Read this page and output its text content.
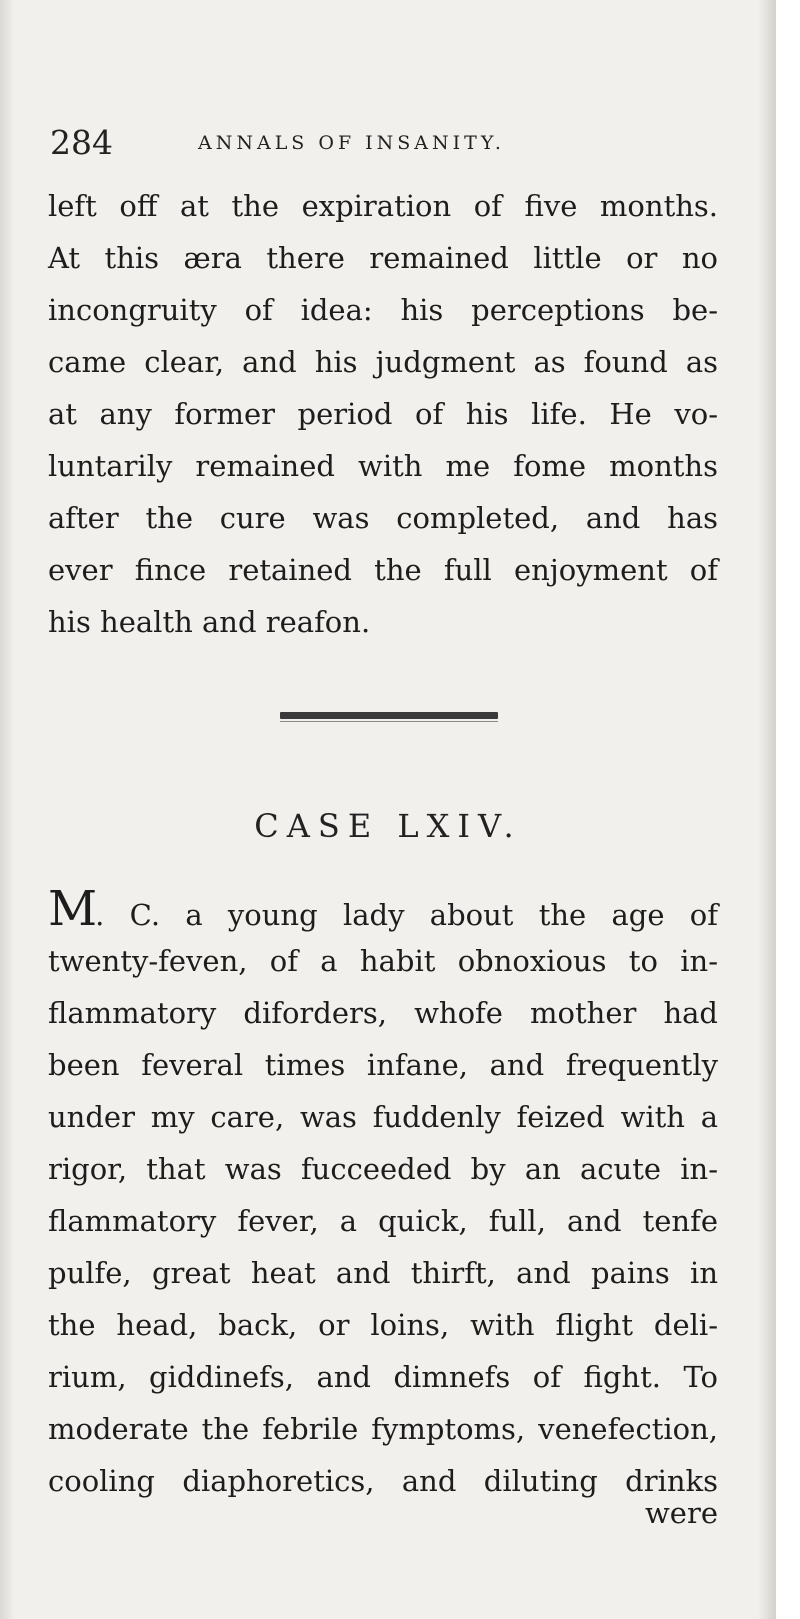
284	ANNALS OF INSANITY.
left off at the expiration of five months.
At this æra there remained little or no
incongruity of idea: his perceptions be-
came clear, and his judgment as found as
at any former period of his life. He vo-
luntarily remained with me fome months
after the cure was completed, and has
ever fince retained the full enjoyment of
his health and reafon.
CASE LXIV.
M. C. a young lady about the age of
twenty-feven, of a habit obnoxious to in-
flammatory diforders, whofe mother had
been feveral times infane, and frequently
under my care, was fuddenly feized with a
rigor, that was fucceeded by an acute in-
flammatory fever, a quick, full, and tenfe
pulfe, great heat and thirft, and pains in
the head, back, or loins, with flight deli-
rium, giddinefs, and dimnefs of fight. To
moderate the febrile fymptoms, venefection,
cooling diaphoretics, and diluting drinks
were
